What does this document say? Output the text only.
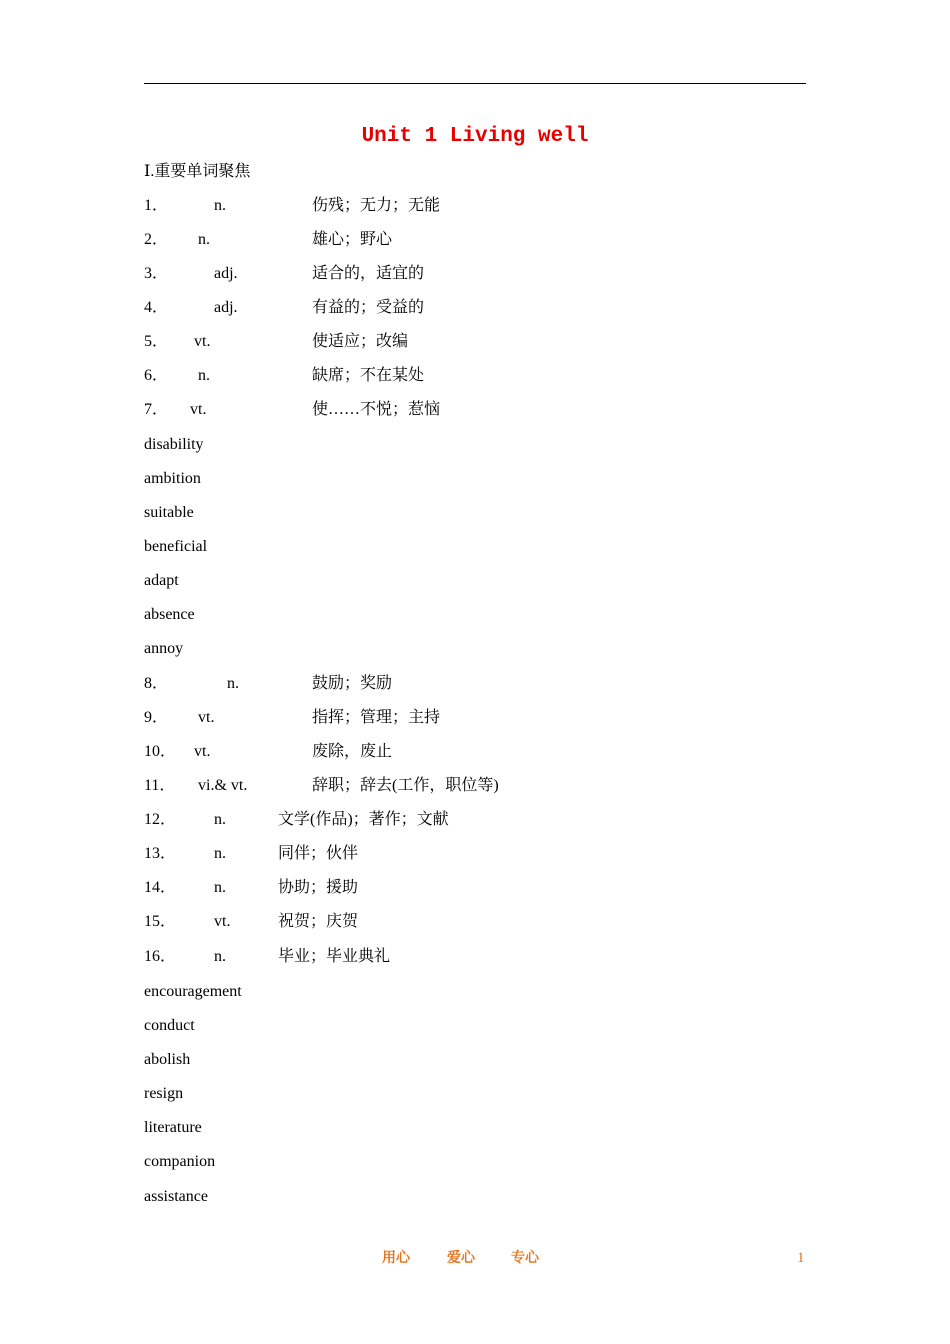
Unit 1 Living well
Ⅰ.重要单词聚焦
1．	n.	伤残；无力；无能
2． n.	雄心；野心
3．	adj.	适合的，适宜的
4．	adj.	有益的；受益的
5． vt.	使适应；改编
6． n.	缺席；不在某处
7． vt.	使……不悦；惹恼
disability
ambition
suitable
beneficial
adapt
absence
annoy
8．	n.	鼓励；奖励
9． vt.	指挥；管理；主持
10． vt.	废除，废止
11． vi.& vt.	辞职；辞去(工作，职位等)
12． n.	文学(作品)；著作；文献
13． n.	同伴；伙伴
14． n.	协助；援助
15． vt.	祝贺；庆贺
16． n.	毕业；毕业典礼
encouragement
conduct
abolish
resign
literature
companion
assistance
用心	爱心	专心	1
